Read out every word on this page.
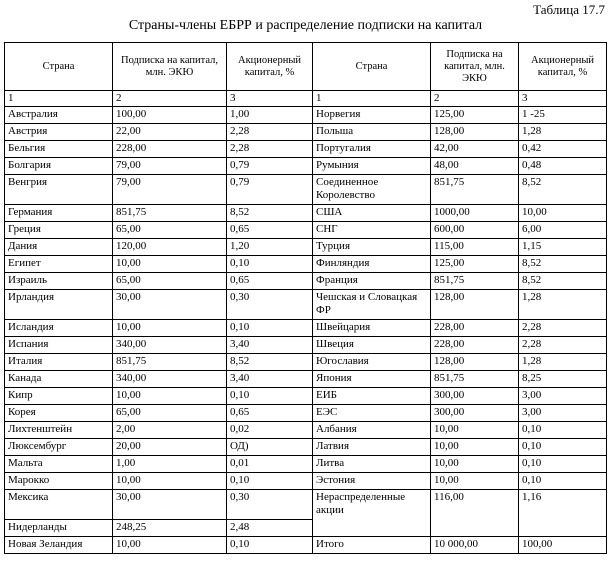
Таблица 17.7
Страны-члены ЕБРР и распределение подписки на капитал
Страна	Подписка на капитал, млн. ЭКЮ	Акционерный капитал, %	Страна	Подписка на капитал, млн. ЭКЮ	Акционерный капитал, %
1	2	3	1	2	3
Австралия	100,00	1,00	Норвегия	125,00	1 -25
Австрия	22,00	2,28	Польша	128,00	1,28
Бельгия	228,00	2,28	Португалия	42,00	0,42
Болгария	79,00	0,79	Румыния	48,00	0,48
Венгрия	79,00	0,79	Соединенное Королевство	851,75	8,52
Германия	851,75	8,52	США	1000,00	10,00
Греция	65,00	0,65	СНГ	600,00	6,00
Дания	120,00	1,20	Турция	115,00	1,15
Египет	10,00	0,10	Финляндия	125,00	8,52
Израиль	65,00	0,65	Франция	851,75	8,52
Ирландия	30,00	0,30	Чешская и Словацкая ФР	128,00	1,28
Исландия	10,00	0,10	Швейцария	228,00	2,28
Испания	340,00	3,40	Швеция	228,00	2,28
Италия	851,75	8,52	Югославия	128,00	1,28
Канада	340,00	3,40	Япония	851,75	8,25
Кипр	10,00	0,10	ЕИБ	300,00	3,00
Корея	65,00	0,65	ЕЭС	300,00	3,00
Лихтенштейн	2,00	0,02	Албания	10,00	0,10
Люксембург	20,00	ОД)	Латвия	10,00	0,10
Мальта	1,00	0,01	Литва	10,00	0,10
Марокко	10,00	0,10	Эстония	10,00	0,10
Мексика	30,00	0,30	Нераспределенные акции	116,00	1,16
Нидерланды	248,25	2,48			
Новая Зеландия	10,00	0,10	Итого	10 000,00	100,00
